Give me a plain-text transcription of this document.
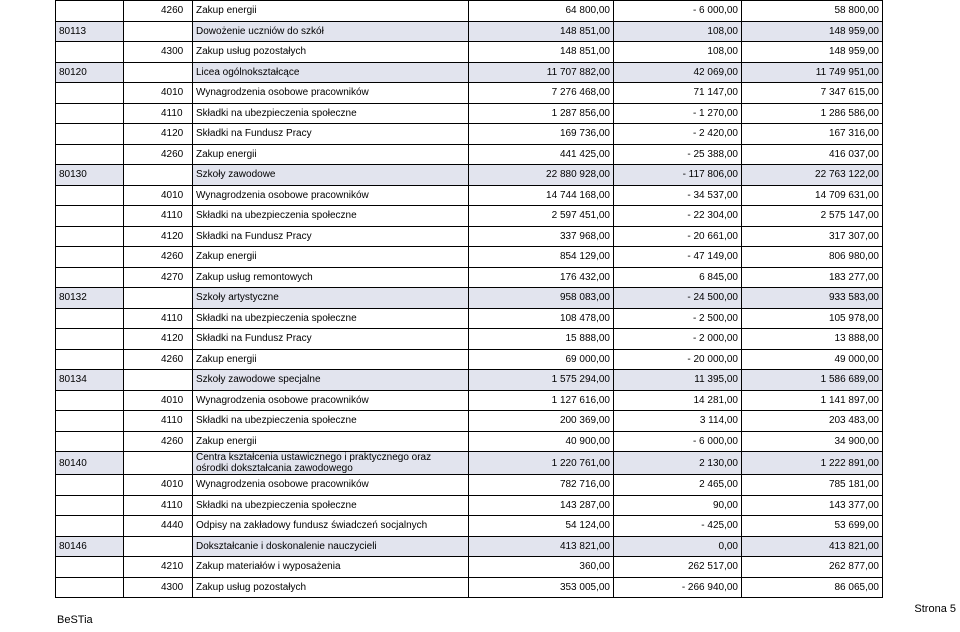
	4260	Zakup energii	64 800,00	- 6 000,00	58 800,00
80113		Dowożenie uczniów do szkół	148 851,00	108,00	148 959,00
	4300	Zakup usług pozostałych	148 851,00	108,00	148 959,00
80120		Licea ogólnokształcące	11 707 882,00	42 069,00	11 749 951,00
	4010	Wynagrodzenia osobowe pracowników	7 276 468,00	71 147,00	7 347 615,00
	4110	Składki na ubezpieczenia społeczne	1 287 856,00	- 1 270,00	1 286 586,00
	4120	Składki na Fundusz Pracy	169 736,00	- 2 420,00	167 316,00
	4260	Zakup energii	441 425,00	- 25 388,00	416 037,00
80130		Szkoły zawodowe	22 880 928,00	- 117 806,00	22 763 122,00
	4010	Wynagrodzenia osobowe pracowników	14 744 168,00	- 34 537,00	14 709 631,00
	4110	Składki na ubezpieczenia społeczne	2 597 451,00	- 22 304,00	2 575 147,00
	4120	Składki na Fundusz Pracy	337 968,00	- 20 661,00	317 307,00
	4260	Zakup energii	854 129,00	- 47 149,00	806 980,00
	4270	Zakup usług remontowych	176 432,00	6 845,00	183 277,00
80132		Szkoły artystyczne	958 083,00	- 24 500,00	933 583,00
	4110	Składki na ubezpieczenia społeczne	108 478,00	- 2 500,00	105 978,00
	4120	Składki na Fundusz Pracy	15 888,00	- 2 000,00	13 888,00
	4260	Zakup energii	69 000,00	- 20 000,00	49 000,00
80134		Szkoły zawodowe specjalne	1 575 294,00	11 395,00	1 586 689,00
	4010	Wynagrodzenia osobowe pracowników	1 127 616,00	14 281,00	1 141 897,00
	4110	Składki na ubezpieczenia społeczne	200 369,00	3 114,00	203 483,00
	4260	Zakup energii	40 900,00	- 6 000,00	34 900,00
80140		Centra kształcenia ustawicznego i praktycznego oraz ośrodki dokształcania zawodowego	1 220 761,00	2 130,00	1 222 891,00
	4010	Wynagrodzenia osobowe pracowników	782 716,00	2 465,00	785 181,00
	4110	Składki na ubezpieczenia społeczne	143 287,00	90,00	143 377,00
	4440	Odpisy na zakładowy fundusz świadczeń socjalnych	54 124,00	- 425,00	53 699,00
80146		Dokształcanie i doskonalenie nauczycieli	413 821,00	0,00	413 821,00
	4210	Zakup materiałów i wyposażenia	360,00	262 517,00	262 877,00
	4300	Zakup usług pozostałych	353 005,00	- 266 940,00	86 065,00
BeSTia
Strona 5
